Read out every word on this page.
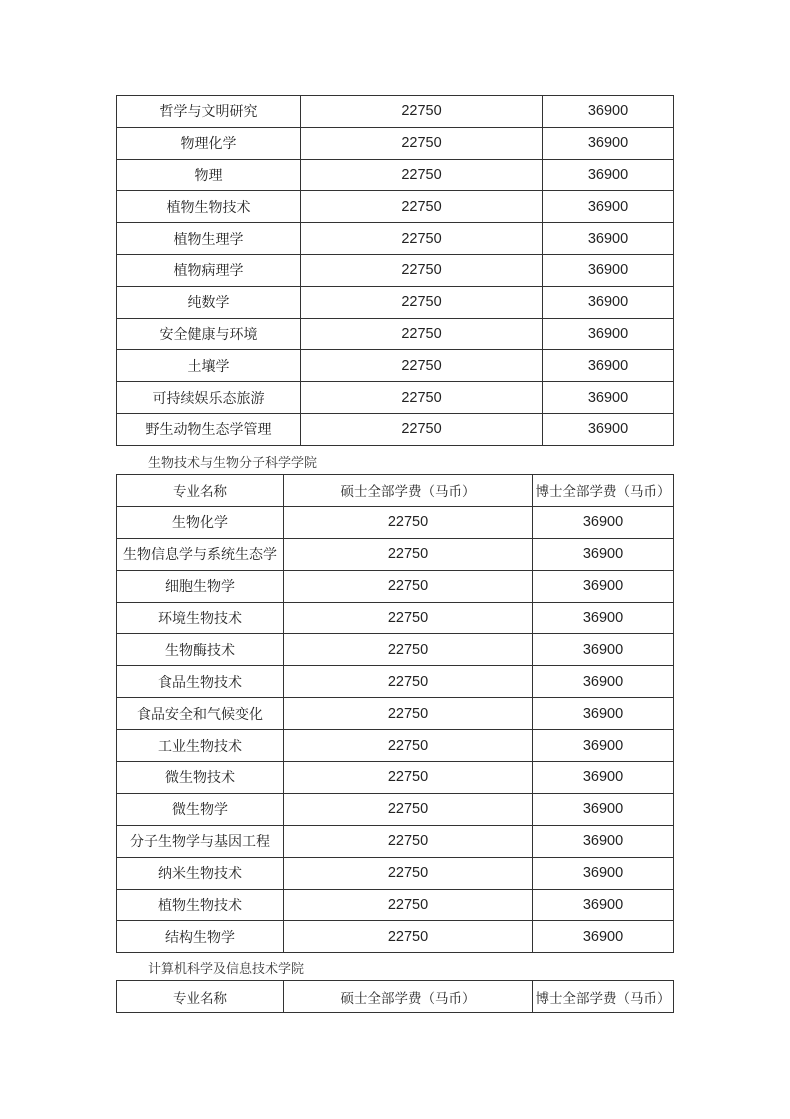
哲学与文明研究	22750	36900
物理化学	22750	36900
物理	22750	36900
植物生物技术	22750	36900
植物生理学	22750	36900
植物病理学	22750	36900
纯数学	22750	36900
安全健康与环境	22750	36900
土壤学	22750	36900
可持续娱乐态旅游	22750	36900
野生动物生态学管理	22750	36900
生物技术与生物分子科学学院
专业名称	硕士全部学费（马币）	博士全部学费（马币）
生物化学	22750	36900
生物信息学与系统生态学	22750	36900
细胞生物学	22750	36900
环境生物技术	22750	36900
生物酶技术	22750	36900
食品生物技术	22750	36900
食品安全和气候变化	22750	36900
工业生物技术	22750	36900
微生物技术	22750	36900
微生物学	22750	36900
分子生物学与基因工程	22750	36900
纳米生物技术	22750	36900
植物生物技术	22750	36900
结构生物学	22750	36900
计算机科学及信息技术学院
专业名称	硕士全部学费（马币）	博士全部学费（马币）
